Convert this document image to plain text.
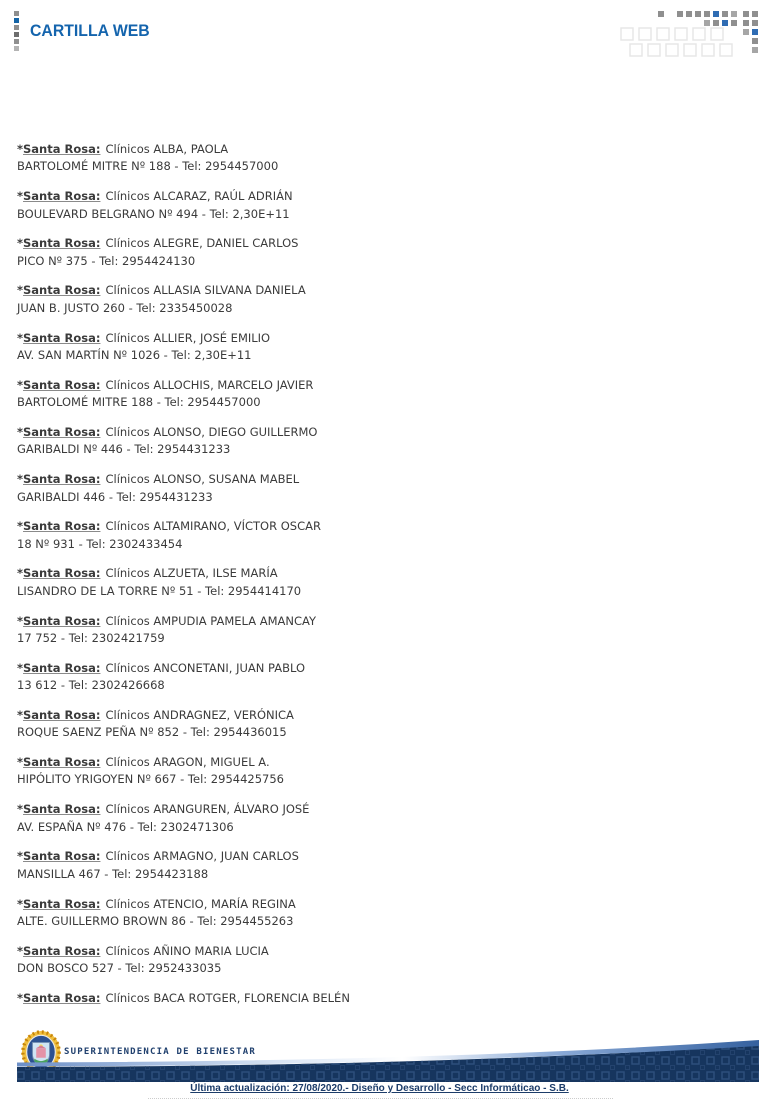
CARTILLA WEB
*Santa Rosa: Clínicos ALBA, PAOLA
BARTOLOMÉ MITRE Nº 188 - Tel: 2954457000
*Santa Rosa: Clínicos ALCARAZ, RAÚL ADRIÁN
BOULEVARD BELGRANO Nº 494 - Tel: 2,30E+11
*Santa Rosa: Clínicos ALEGRE, DANIEL CARLOS
PICO Nº 375 - Tel: 2954424130
*Santa Rosa: Clínicos ALLASIA SILVANA DANIELA
JUAN B. JUSTO 260 - Tel: 2335450028
*Santa Rosa: Clínicos ALLIER, JOSÉ EMILIO
AV. SAN MARTÍN Nº 1026 - Tel: 2,30E+11
*Santa Rosa: Clínicos ALLOCHIS, MARCELO JAVIER
BARTOLOMÉ MITRE 188 - Tel: 2954457000
*Santa Rosa: Clínicos ALONSO, DIEGO GUILLERMO
GARIBALDI Nº 446 - Tel: 2954431233
*Santa Rosa: Clínicos ALONSO, SUSANA MABEL
GARIBALDI 446 - Tel: 2954431233
*Santa Rosa: Clínicos ALTAMIRANO, VÍCTOR OSCAR
18 Nº 931 - Tel: 2302433454
*Santa Rosa: Clínicos ALZUETA, ILSE MARÍA
LISANDRO DE LA TORRE Nº 51 - Tel: 2954414170
*Santa Rosa: Clínicos AMPUDIA PAMELA AMANCAY
17 752 - Tel: 2302421759
*Santa Rosa: Clínicos ANCONETANI, JUAN PABLO
13 612 - Tel: 2302426668
*Santa Rosa: Clínicos ANDRAGNEZ, VERÓNICA
ROQUE SAENZ PEÑA Nº 852 - Tel: 2954436015
*Santa Rosa: Clínicos ARAGON, MIGUEL A.
HIPÓLITO YRIGOYEN Nº 667 - Tel: 2954425756
*Santa Rosa: Clínicos ARANGUREN, ÁLVARO JOSÉ
AV. ESPAÑA Nº 476 - Tel: 2302471306
*Santa Rosa: Clínicos ARMAGNO, JUAN CARLOS
MANSILLA 467 - Tel: 2954423188
*Santa Rosa: Clínicos ATENCIO, MARÍA REGINA
ALTE. GUILLERMO BROWN 86 - Tel: 2954455263
*Santa Rosa: Clínicos AÑINO MARIA LUCIA
DON BOSCO 527 - Tel: 2952433035
*Santa Rosa: Clínicos BACA ROTGER, FLORENCIA BELÉN
SUPERINTENDENCIA DE BIENESTAR
Última actualización: 27/08/2020.- Diseño y Desarrollo - Secc Informáticao - S.B.
